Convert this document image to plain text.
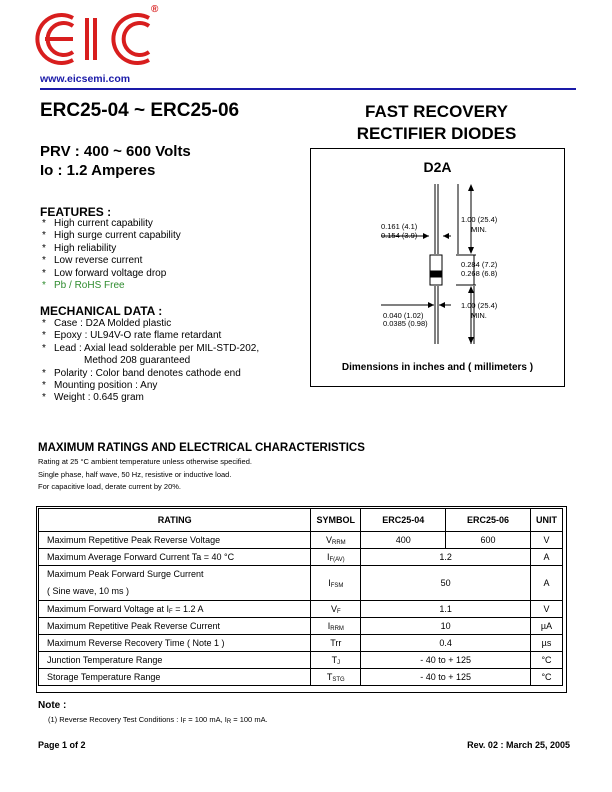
®
www.eicsemi.com
ERC25-04 ~ ERC25-06	FAST RECOVERY
RECTIFIER DIODES
PRV : 400 ~ 600 Volts
Io : 1.2 Amperes	D2A
1.00 (25.4)
MIN.
0.161 (4.1)
0.154 (3.9)
0.284 (7.2)
0.268 (6.8)
1.00 (25.4)
MIN.
0.040 (1.02)
0.0385 (0.98)
Dimensions in inches and ( millimeters )
FEATURES :
* High current capability
* High surge current capability
* High reliability
* Low reverse current
* Low forward voltage drop
* Pb / RoHS Free
MECHANICAL DATA :
* Case : D2A Molded plastic
* Epoxy : UL94V-O rate flame retardant
* Lead : Axial lead solderable per MIL-STD-202,
Method 208 guaranteed
* Polarity : Color band denotes cathode end
* Mounting position : Any
* Weight : 0.645 gram
MAXIMUM RATINGS AND ELECTRICAL CHARACTERISTICS
Rating at 25 °C ambient temperature unless otherwise specified.
Single phase, half wave, 50 Hz, resistive or inductive load.
For capacitive load, derate current by 20%.
RATING	SYMBOL	ERC25-04	ERC25-06	UNIT
Maximum Repetitive Peak Reverse Voltage	VRRM	400	600	V
Maximum Average Forward Current Ta = 40 °C	IF(AV)	1.2		A

Maximum Peak Forward Surge Current
( Sine wave, 10 ms )	IFSM	50		A
Maximum Forward Voltage at IF = 1.2 A	VF	1.1		V
Maximum Repetitive Peak Reverse Current	IRRM	10		µA
Maximum Reverse Recovery Time ( Note 1 )	Trr	0.4		µs
Junction Temperature Range	TJ	- 40 to + 125		°C
Storage Temperature Range	TSTG	- 40 to + 125		°C
Note :
(1) Reverse Recovery Test Conditions : IF = 100 mA, IR = 100 mA.
Page 1 of 2	Rev. 02 : March 25, 2005
